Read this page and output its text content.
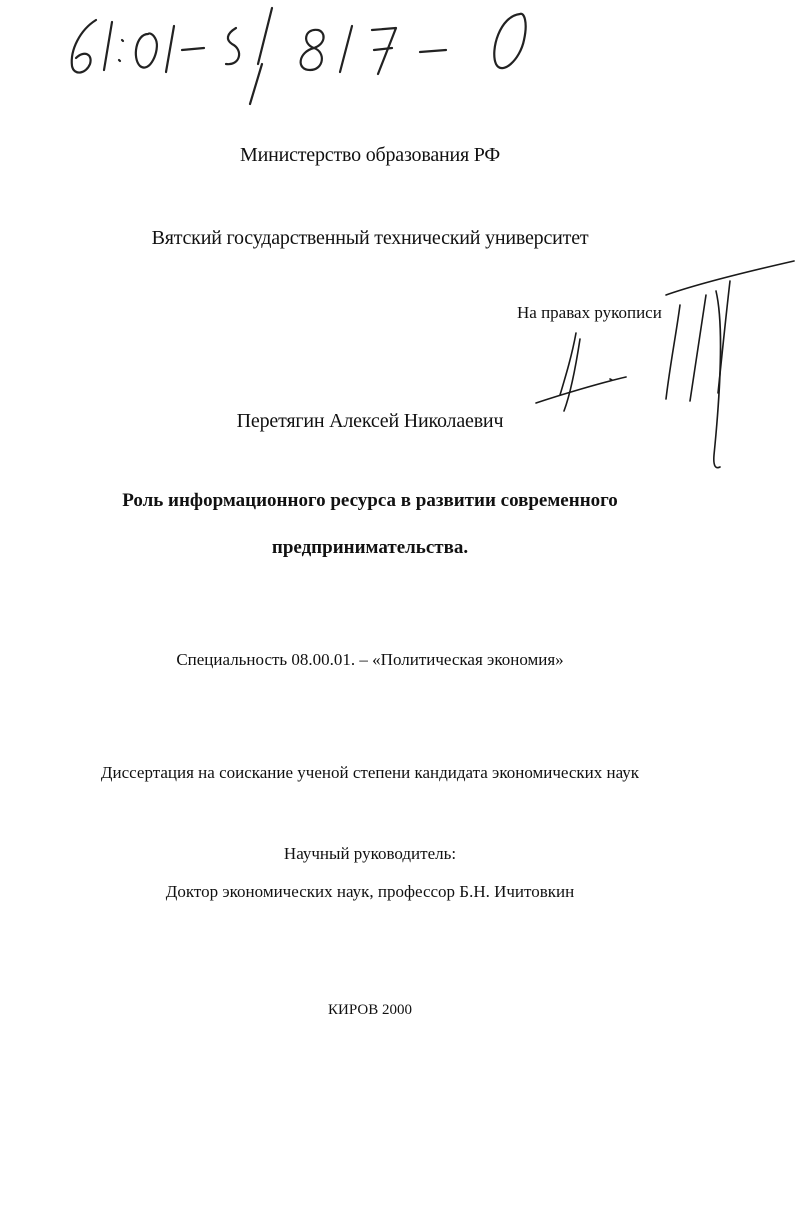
Министерство образования РФ
Вятский государственный технический университет
На правах рукописи
Перетягин Алексей Николаевич
Роль информационного ресурса в развитии современного
предпринимательства.
Специальность 08.00.01. – «Политическая экономия»
Диссертация на соискание ученой степени кандидата экономических наук
Научный руководитель:
Доктор экономических наук, профессор Б.Н. Ичитовкин
КИРОВ 2000
